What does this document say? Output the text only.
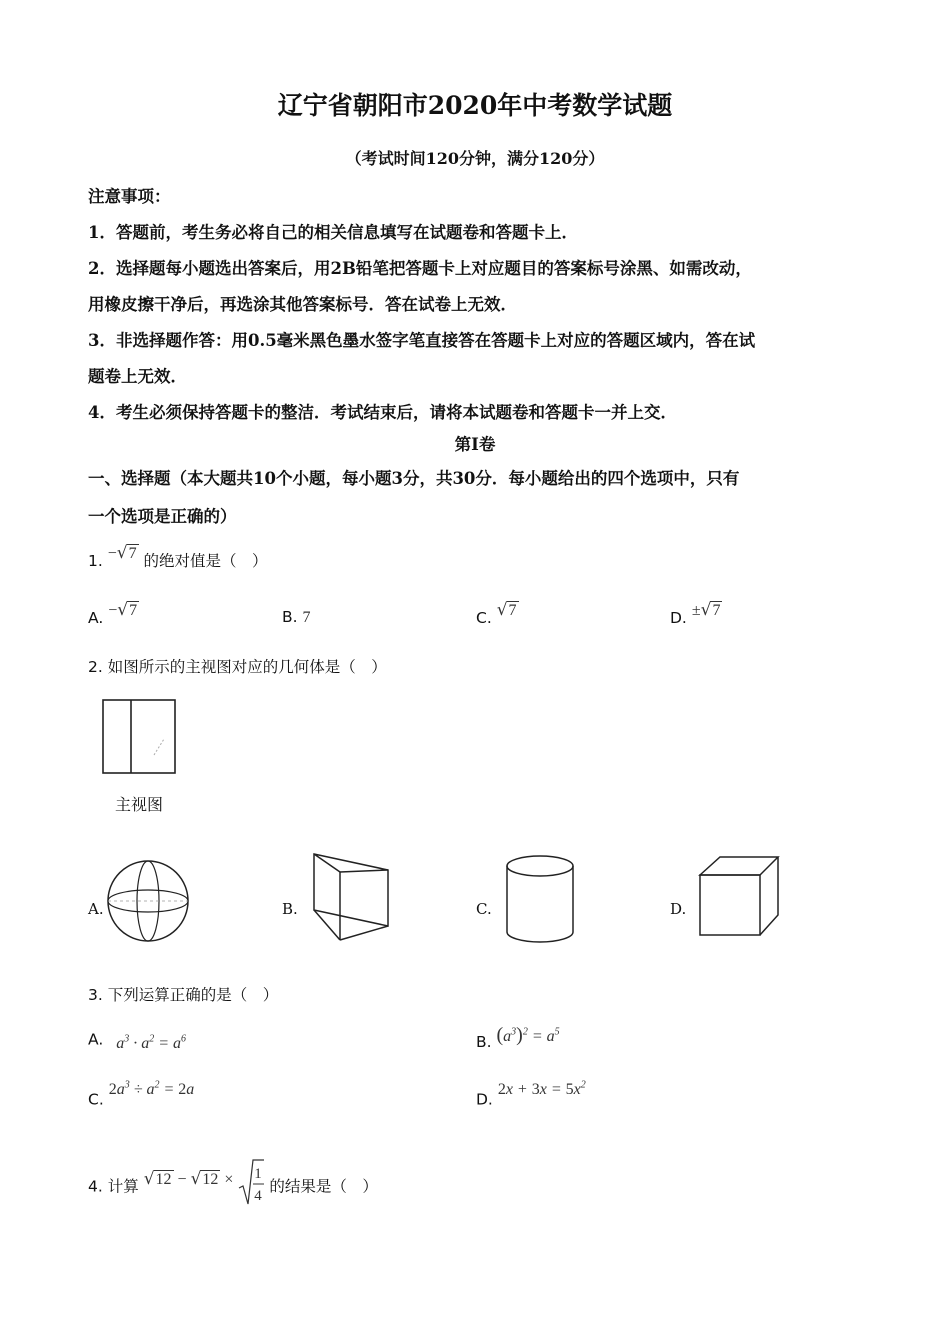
辽宁省朝阳市2020年中考数学试题
（考试时间120分钟，满分120分）
注意事项：
1．答题前，考生务必将自己的相关信息填写在试题卷和答题卡上．
2．选择题每小题选出答案后，用2B铅笔把答题卡上对应题目的答案标号涂黑、如需改动，
用橡皮擦干净后，再选涂其他答案标号．答在试卷上无效．
3．非选择题作答：用0.5毫米黑色墨水签字笔直接答在答题卡上对应的答题区域内，答在试
题卷上无效．
4．考生必须保持答题卡的整洁．考试结束后，请将本试题卷和答题卡一并上交．
第I卷
一、选择题（本大题共10个小题，每小题3分，共30分．每小题给出的四个选项中，只有
一个选项是正确的）
1. −√7 的绝对值是（　）
A. −√7	B. 7	C. √7	D. ±√7
2. 如图所示的主视图对应的几何体是（　）
主视图
A.	B.	C.	D.
3. 下列运算正确的是（　）
A. $a^3 \cdot a^2 = a^6$	B. $(a^3)^2 = a^5$
C. $2a^3 \div a^2 = 2a$
D. $2x + 3x = 5x^2$
4. 计算 √12 − √12 × 1
4
的结果是（　）
